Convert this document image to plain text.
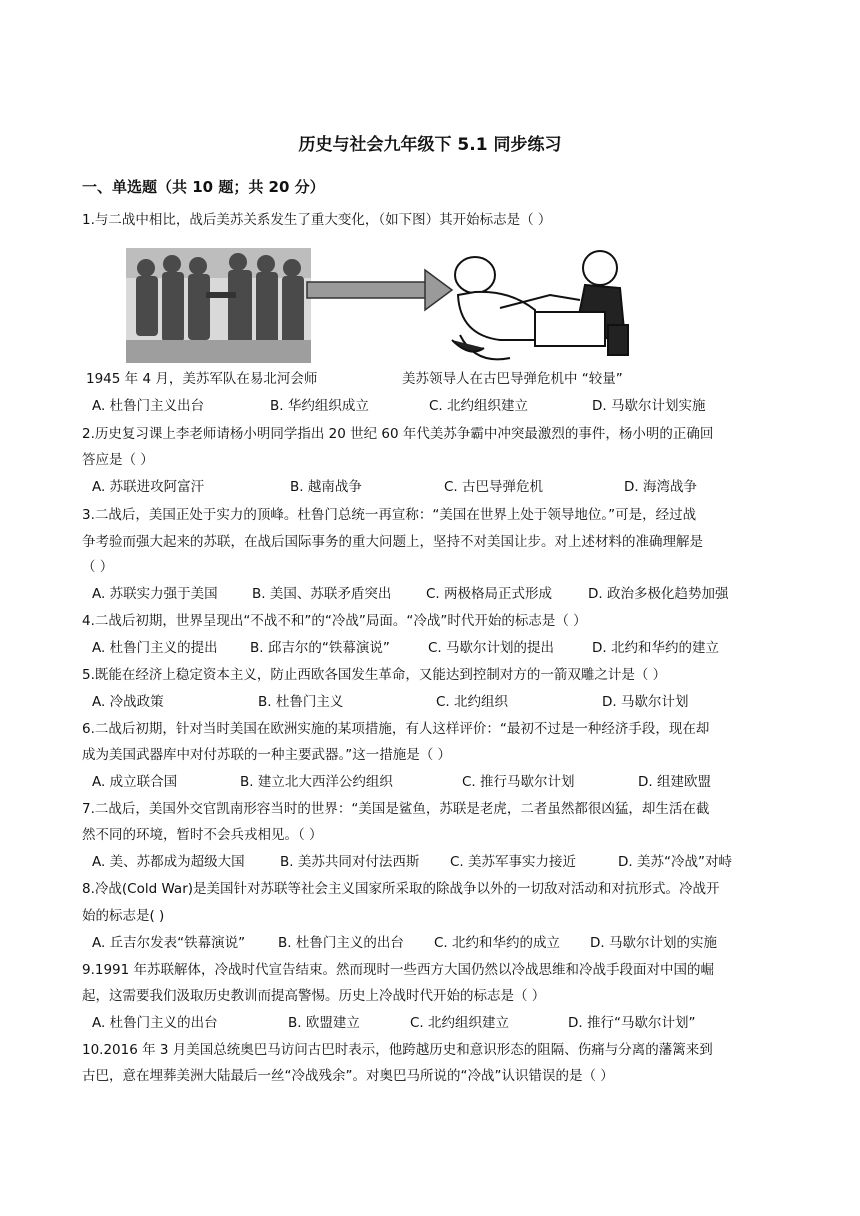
历史与社会九年级下 5.1 同步练习
一、单选题（共 10 题；共 20 分）
1.与二战中相比，战后美苏关系发生了重大变化，（如下图）其开始标志是（ ）
1945 年 4 月，美苏军队在易北河会师	美苏领导人在古巴导弹危机中 “较量”
A. 杜鲁门主义出台	B. 华约组织成立	C. 北约组织建立	D. 马歇尔计划实施
2.历史复习课上李老师请杨小明同学指出 20 世纪 60 年代美苏争霸中冲突最激烈的事件，杨小明的正确回
答应是（ ）
A. 苏联进攻阿富汗	B. 越南战争	C. 古巴导弹危机	D. 海湾战争
3.二战后，美国正处于实力的顶峰。杜鲁门总统一再宣称：“美国在世界上处于领导地位。”可是，经过战
争考验而强大起来的苏联，在战后国际事务的重大问题上，坚持不对美国让步。对上述材料的准确理解是
（ ）
A. 苏联实力强于美国	B. 美国、苏联矛盾突出	C. 两极格局正式形成	D. 政治多极化趋势加强
4.二战后初期，世界呈现出“不战不和”的“冷战”局面。“冷战”时代开始的标志是（ ）
A. 杜鲁门主义的提出 B. 邱吉尔的“铁幕演说”	C. 马歇尔计划的提出	D. 北约和华约的建立
5.既能在经济上稳定资本主义，防止西欧各国发生革命，又能达到控制对方的一箭双雕之计是（ ）
A. 冷战政策	B. 杜鲁门主义	C. 北约组织	D. 马歇尔计划
6.二战后初期，针对当时美国在欧洲实施的某项措施，有人这样评价：“最初不过是一种经济手段，现在却
成为美国武器库中对付苏联的一种主要武器。”这一措施是（ ）
A. 成立联合国	B. 建立北大西洋公约组织	C. 推行马歇尔计划	D. 组建欧盟
7.二战后，美国外交官凯南形容当时的世界：“美国是鲨鱼，苏联是老虎，二者虽然都很凶猛，却生活在截
然不同的环境，暂时不会兵戎相见。（ ）
A. 美、苏都成为超级大国	B. 美苏共同对付法西斯 C. 美苏军事实力接近	D. 美苏“冷战”对峙
8.冷战(Cold War)是美国针对苏联等社会主义国家所采取的除战争以外的一切敌对活动和对抗形式。冷战开
始的标志是( )
A. 丘吉尔发表“铁幕演说” B. 杜鲁门主义的出台 C. 北约和华约的成立 D. 马歇尔计划的实施
9.1991 年苏联解体，冷战时代宣告结束。然而现时一些西方大国仍然以冷战思维和冷战手段面对中国的崛
起，这需要我们汲取历史教训而提高警惕。历史上冷战时代开始的标志是（ ）
A. 杜鲁门主义的出台	B. 欧盟建立	C. 北约组织建立	D. 推行“马歇尔计划”
10.2016 年 3 月美国总统奥巴马访问古巴时表示，他跨越历史和意识形态的阻隔、伤痛与分离的藩篱来到
古巴，意在埋葬美洲大陆最后一丝“冷战残余”。对奥巴马所说的“冷战”认识错误的是（ ）
